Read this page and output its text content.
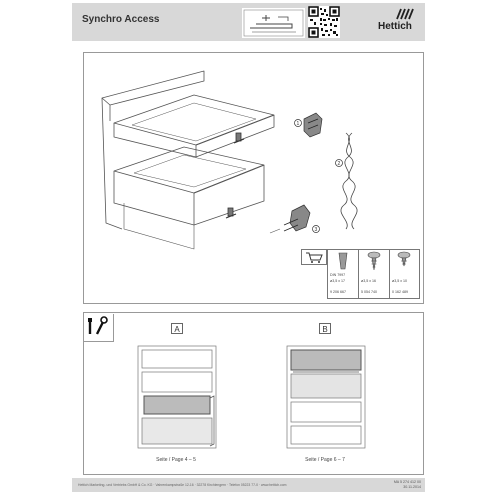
Synchro Access
Hettich
1
2
3
DIN 7997
ø3,5 x 17
9 206 667
ø3,5 x 16
5 054 740
ø3,5 x 10
0 162 489
A	B
Seite / Page 4 – 5	Seite / Page 6 – 7
Hettich Marketing- und Vertriebs GmbH & Co. KG · Vahrenkampstraße 12-16 · 32278 Kirchlengern · Telefon 05223 77-0 · www.hettich.com
MA 5 274 412 00
30.11.2014
